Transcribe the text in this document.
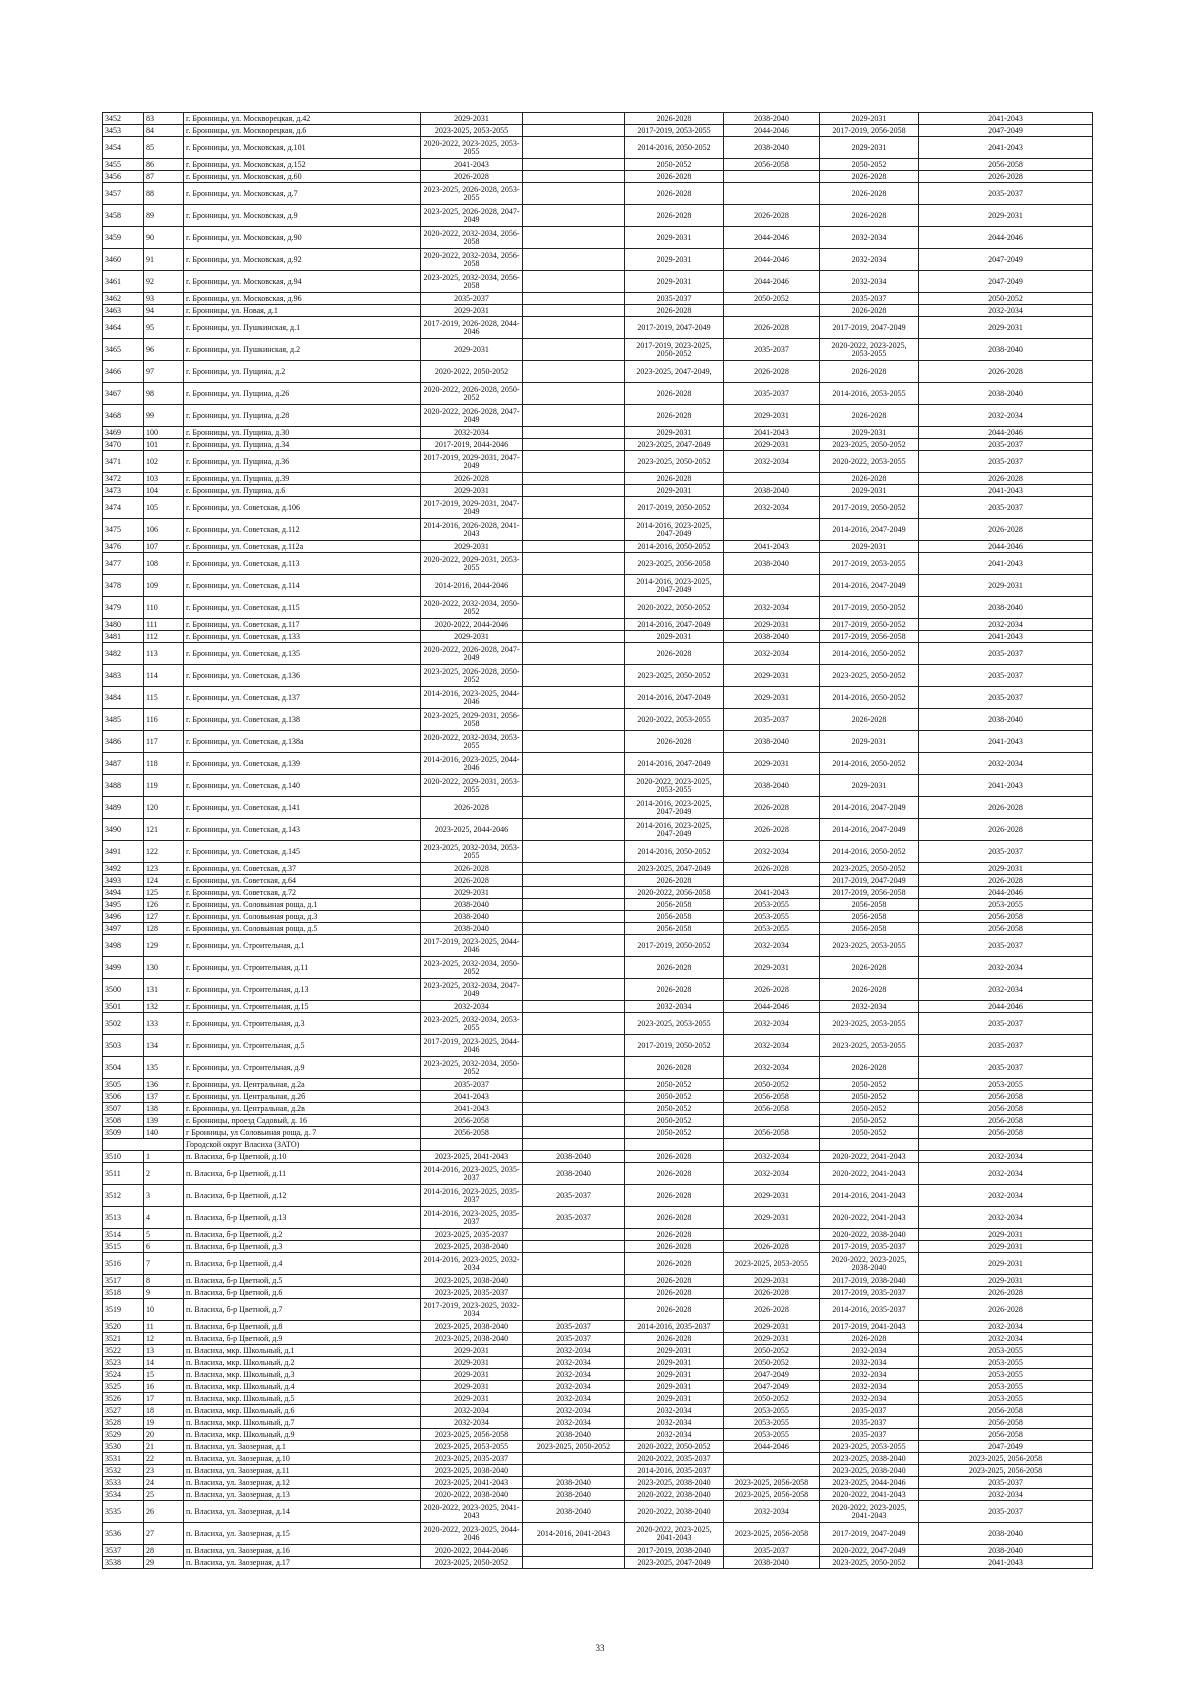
3452	83	г. Бронницы, ул. Москворецкая, д.42	2029-2031		2026-2028	2038-2040	2029-2031	2041-2043
3453	84	г. Бронницы, ул. Москворецкая, д.6	2023-2025, 2053-2055		2017-2019, 2053-2055	2044-2046	2017-2019, 2056-2058	2047-2049
3454	85	г. Бронницы, ул. Московская, д.101	2020-2022, 2023-2025, 2053-2055		2014-2016, 2050-2052	2038-2040	2029-2031	2041-2043
3455	86	г. Бронницы, ул. Московская, д.152	2041-2043		2050-2052	2056-2058	2050-2052	2056-2058
3456	87	г. Бронницы, ул. Московская, д.60	2026-2028		2026-2028		2026-2028	2026-2028
3457	88	г. Бронницы, ул. Московская, д.7	2023-2025, 2026-2028, 2053-2055		2026-2028		2026-2028	2035-2037
3458	89	г. Бронницы, ул. Московская, д.9	2023-2025, 2026-2028, 2047-2049		2026-2028	2026-2028	2026-2028	2029-2031
3459	90	г. Бронницы, ул. Московская, д.90	2020-2022, 2032-2034, 2056-2058		2029-2031	2044-2046	2032-2034	2044-2046
3460	91	г. Бронницы, ул. Московская, д.92	2020-2022, 2032-2034, 2056-2058		2029-2031	2044-2046	2032-2034	2047-2049
3461	92	г. Бронницы, ул. Московская, д.94	2023-2025, 2032-2034, 2056-2058		2029-2031	2044-2046	2032-2034	2047-2049
3462	93	г. Бронницы, ул. Московская, д.96	2035-2037		2035-2037	2050-2052	2035-2037	2050-2052
3463	94	г. Бронницы, ул. Новая, д.1	2029-2031		2026-2028		2026-2028	2032-2034
3464	95	г. Бронницы, ул. Пушкинская, д.1	2017-2019, 2026-2028, 2044-2046		2017-2019, 2047-2049	2026-2028	2017-2019, 2047-2049	2029-2031
3465	96	г. Бронницы, ул. Пушкинская, д.2	2029-2031		2017-2019, 2023-2025, 2050-2052	2035-2037	2020-2022, 2023-2025, 2053-2055	2038-2040
3466	97	г. Бронницы, ул. Пущина, д.2	2020-2022, 2050-2052		2023-2025, 2047-2049,	2026-2028	2026-2028	2026-2028
3467	98	г. Бронницы, ул. Пущина, д.26	2020-2022, 2026-2028, 2050-2052		2026-2028	2035-2037	2014-2016, 2053-2055	2038-2040
3468	99	г. Бронницы, ул. Пущина, д.28	2020-2022, 2026-2028, 2047-2049		2026-2028	2029-2031	2026-2028	2032-2034
3469	100	г. Бронницы, ул. Пущина, д.30	2032-2034		2029-2031	2041-2043	2029-2031	2044-2046
3470	101	г. Бронницы, ул. Пущина, д.34	2017-2019, 2044-2046		2023-2025, 2047-2049	2029-2031	2023-2025, 2050-2052	2035-2037
3471	102	г. Бронницы, ул. Пущина, д.36	2017-2019, 2029-2031, 2047-2049		2023-2025, 2050-2052	2032-2034	2020-2022, 2053-2055	2035-2037
3472	103	г. Бронницы, ул. Пущина, д.39	2026-2028		2026-2028		2026-2028	2026-2028
3473	104	г. Бронницы, ул. Пущина, д.6	2029-2031		2029-2031	2038-2040	2029-2031	2041-2043
3474	105	г. Бронницы, ул. Советская, д.106	2017-2019, 2029-2031, 2047-2049		2017-2019, 2050-2052	2032-2034	2017-2019, 2050-2052	2035-2037
3475	106	г. Бронницы, ул. Советская, д.112	2014-2016, 2026-2028, 2041-2043		2014-2016, 2023-2025, 2047-2049		2014-2016, 2047-2049	2026-2028
3476	107	г. Бронницы, ул. Советская, д.112а	2029-2031		2014-2016, 2050-2052	2041-2043	2029-2031	2044-2046
3477	108	г. Бронницы, ул. Советская, д.113	2020-2022, 2029-2031, 2053-2055		2023-2025, 2056-2058	2038-2040	2017-2019, 2053-2055	2041-2043
3478	109	г. Бронницы, ул. Советская, д.114	2014-2016, 2044-2046		2014-2016, 2023-2025, 2047-2049		2014-2016, 2047-2049	2029-2031
3479	110	г. Бронницы, ул. Советская, д.115	2020-2022, 2032-2034, 2050-2052		2020-2022, 2050-2052	2032-2034	2017-2019, 2050-2052	2038-2040
3480	111	г. Бронницы, ул. Советская, д.117	2020-2022, 2044-2046		2014-2016, 2047-2049	2029-2031	2017-2019, 2050-2052	2032-2034
3481	112	г. Бронницы, ул. Советская, д.133	2029-2031		2029-2031	2038-2040	2017-2019, 2056-2058	2041-2043
3482	113	г. Бронницы, ул. Советская, д.135	2020-2022, 2026-2028, 2047-2049		2026-2028	2032-2034	2014-2016, 2050-2052	2035-2037
3483	114	г. Бронницы, ул. Советская, д.136	2023-2025, 2026-2028, 2050-2052		2023-2025, 2050-2052	2029-2031	2023-2025, 2050-2052	2035-2037
3484	115	г. Бронницы, ул. Советская, д.137	2014-2016, 2023-2025, 2044-2046		2014-2016, 2047-2049	2029-2031	2014-2016, 2050-2052	2035-2037
3485	116	г. Бронницы, ул. Советская, д.138	2023-2025, 2029-2031, 2056-2058		2020-2022, 2053-2055	2035-2037	2026-2028	2038-2040
3486	117	г. Бронницы, ул. Советская, д.138а	2020-2022, 2032-2034, 2053-2055		2026-2028	2038-2040	2029-2031	2041-2043
3487	118	г. Бронницы, ул. Советская, д.139	2014-2016, 2023-2025, 2044-2046		2014-2016, 2047-2049	2029-2031	2014-2016, 2050-2052	2032-2034
3488	119	г. Бронницы, ул. Советская, д.140	2020-2022, 2029-2031, 2053-2055		2020-2022, 2023-2025, 2053-2055	2038-2040	2029-2031	2041-2043
3489	120	г. Бронницы, ул. Советская, д.141	2026-2028		2014-2016, 2023-2025, 2047-2049	2026-2028	2014-2016, 2047-2049	2026-2028
3490	121	г. Бронницы, ул. Советская, д.143	2023-2025, 2044-2046		2014-2016, 2023-2025, 2047-2049	2026-2028	2014-2016, 2047-2049	2026-2028
3491	122	г. Бронницы, ул. Советская, д.145	2023-2025, 2032-2034, 2053-2055		2014-2016, 2050-2052	2032-2034	2014-2016, 2050-2052	2035-2037
3492	123	г. Бронницы, ул. Советская, д.37	2026-2028		2023-2025, 2047-2049	2026-2028	2023-2025, 2050-2052	2029-2031
3493	124	г. Бронницы, ул. Советская, д.64	2026-2028		2026-2028		2017-2019, 2047-2049	2026-2028
3494	125	г. Бронницы, ул. Советская, д.72	2029-2031		2020-2022, 2056-2058	2041-2043	2017-2019, 2056-2058	2044-2046
3495	126	г. Бронницы, ул. Соловьиная роща, д.1	2038-2040		2056-2058	2053-2055	2056-2058	2053-2055
3496	127	г. Бронницы, ул. Соловьиная роща, д.3	2038-2040		2056-2058	2053-2055	2056-2058	2056-2058
3497	128	г. Бронницы, ул. Соловьиная роща, д.5	2038-2040		2056-2058	2053-2055	2056-2058	2056-2058
3498	129	г. Бронницы, ул. Строительная, д.1	2017-2019, 2023-2025, 2044-2046		2017-2019, 2050-2052	2032-2034	2023-2025, 2053-2055	2035-2037
3499	130	г. Бронницы, ул. Строительная, д.11	2023-2025, 2032-2034, 2050-2052		2026-2028	2029-2031	2026-2028	2032-2034
3500	131	г. Бронницы, ул. Строительная, д.13	2023-2025, 2032-2034, 2047-2049		2026-2028	2026-2028	2026-2028	2032-2034
3501	132	г. Бронницы, ул. Строительная, д.15	2032-2034		2032-2034	2044-2046	2032-2034	2044-2046
3502	133	г. Бронницы, ул. Строительная, д.3	2023-2025, 2032-2034, 2053-2055		2023-2025, 2053-2055	2032-2034	2023-2025, 2053-2055	2035-2037
3503	134	г. Бронницы, ул. Строительная, д.5	2017-2019, 2023-2025, 2044-2046		2017-2019, 2050-2052	2032-2034	2023-2025, 2053-2055	2035-2037
3504	135	г. Бронницы, ул. Строительная, д.9	2023-2025, 2032-2034, 2050-2052		2026-2028	2032-2034	2026-2028	2035-2037
3505	136	г. Бронницы, ул. Центральная, д.2а	2035-2037		2050-2052	2050-2052	2050-2052	2053-2055
3506	137	г. Бронницы, ул. Центральная, д.2б	2041-2043		2050-2052	2056-2058	2050-2052	2056-2058
3507	138	г. Бронницы, ул. Центральная, д.2в	2041-2043		2050-2052	2056-2058	2050-2052	2056-2058
3508	139	г. Бронницы, проезд Садовый, д. 16	2056-2058		2050-2052		2050-2052	2056-2058
3509	140	г Бронницы, ул Соловьиная роща, д. 7	2056-2058		2050-2052	2056-2058	2050-2052	2056-2058
		Городской округ Власиха (ЗАТО)						
3510	1	п. Власиха, б-р Цветной, д.10	2023-2025, 2041-2043	2038-2040	2026-2028	2032-2034	2020-2022, 2041-2043	2032-2034
3511	2	п. Власиха, б-р Цветной, д.11	2014-2016, 2023-2025, 2035-2037	2038-2040	2026-2028	2032-2034	2020-2022, 2041-2043	2032-2034
3512	3	п. Власиха, б-р Цветной, д.12	2014-2016, 2023-2025, 2035-2037	2035-2037	2026-2028	2029-2031	2014-2016, 2041-2043	2032-2034
3513	4	п. Власиха, б-р Цветной, д.13	2014-2016, 2023-2025, 2035-2037	2035-2037	2026-2028	2029-2031	2020-2022, 2041-2043	2032-2034
3514	5	п. Власиха, б-р Цветной, д.2	2023-2025, 2035-2037		2026-2028		2020-2022, 2038-2040	2029-2031
3515	6	п. Власиха, б-р Цветной, д.3	2023-2025, 2038-2040		2026-2028	2026-2028	2017-2019, 2035-2037	2029-2031
3516	7	п. Власиха, б-р Цветной, д.4	2014-2016, 2023-2025, 2032-2034		2026-2028	2023-2025, 2053-2055	2020-2022, 2023-2025, 2038-2040	2029-2031
3517	8	п. Власиха, б-р Цветной, д.5	2023-2025, 2038-2040		2026-2028	2029-2031	2017-2019, 2038-2040	2029-2031
3518	9	п. Власиха, б-р Цветной, д.6	2023-2025, 2035-2037		2026-2028	2026-2028	2017-2019, 2035-2037	2026-2028
3519	10	п. Власиха, б-р Цветной, д.7	2017-2019, 2023-2025, 2032-2034		2026-2028	2026-2028	2014-2016, 2035-2037	2026-2028
3520	11	п. Власиха, б-р Цветной, д.8	2023-2025, 2038-2040	2035-2037	2014-2016, 2035-2037	2029-2031	2017-2019, 2041-2043	2032-2034
3521	12	п. Власиха, б-р Цветной, д.9	2023-2025, 2038-2040	2035-2037	2026-2028	2029-2031	2026-2028	2032-2034
3522	13	п. Власиха, мкр. Школьный, д.1	2029-2031	2032-2034	2029-2031	2050-2052	2032-2034	2053-2055
3523	14	п. Власиха, мкр. Школьный, д.2	2029-2031	2032-2034	2029-2031	2050-2052	2032-2034	2053-2055
3524	15	п. Власиха, мкр. Школьный, д.3	2029-2031	2032-2034	2029-2031	2047-2049	2032-2034	2053-2055
3525	16	п. Власиха, мкр. Школьный, д.4	2029-2031	2032-2034	2029-2031	2047-2049	2032-2034	2053-2055
3526	17	п. Власиха, мкр. Школьный, д.5	2029-2031	2032-2034	2029-2031	2050-2052	2032-2034	2053-2055
3527	18	п. Власиха, мкр. Школьный, д.6	2032-2034	2032-2034	2032-2034	2053-2055	2035-2037	2056-2058
3528	19	п. Власиха, мкр. Школьный, д.7	2032-2034	2032-2034	2032-2034	2053-2055	2035-2037	2056-2058
3529	20	п. Власиха, мкр. Школьный, д.9	2023-2025, 2056-2058	2038-2040	2032-2034	2053-2055	2035-2037	2056-2058
3530	21	п. Власиха, ул. Заозерная, д.1	2023-2025, 2053-2055	2023-2025, 2050-2052	2020-2022, 2050-2052	2044-2046	2023-2025, 2053-2055	2047-2049
3531	22	п. Власиха, ул. Заозерная, д.10	2023-2025, 2035-2037		2020-2022, 2035-2037		2023-2025, 2038-2040	2023-2025, 2056-2058
3532	23	п. Власиха, ул. Заозерная, д.11	2023-2025, 2038-2040		2014-2016, 2035-2037		2023-2025, 2038-2040	2023-2025, 2056-2058
3533	24	п. Власиха, ул. Заозерная, д.12	2023-2025, 2041-2043	2038-2040	2023-2025, 2038-2040	2023-2025, 2056-2058	2023-2025, 2044-2046	2035-2037
3534	25	п. Власиха, ул. Заозерная, д.13	2020-2022, 2038-2040	2038-2040	2020-2022, 2038-2040	2023-2025, 2056-2058	2020-2022, 2041-2043	2032-2034
3535	26	п. Власиха, ул. Заозерная, д.14	2020-2022, 2023-2025, 2041-2043	2038-2040	2020-2022, 2038-2040	2032-2034	2020-2022, 2023-2025, 2041-2043	2035-2037
3536	27	п. Власиха, ул. Заозерная, д.15	2020-2022, 2023-2025, 2044-2046	2014-2016, 2041-2043	2020-2022, 2023-2025, 2041-2043	2023-2025, 2056-2058	2017-2019, 2047-2049	2038-2040
3537	28	п. Власиха, ул. Заозерная, д.16	2020-2022, 2044-2046		2017-2019, 2038-2040	2035-2037	2020-2022, 2047-2049	2038-2040
3538	29	п. Власиха, ул. Заозерная, д.17	2023-2025, 2050-2052		2023-2025, 2047-2049	2038-2040	2023-2025, 2050-2052	2041-2043
33
